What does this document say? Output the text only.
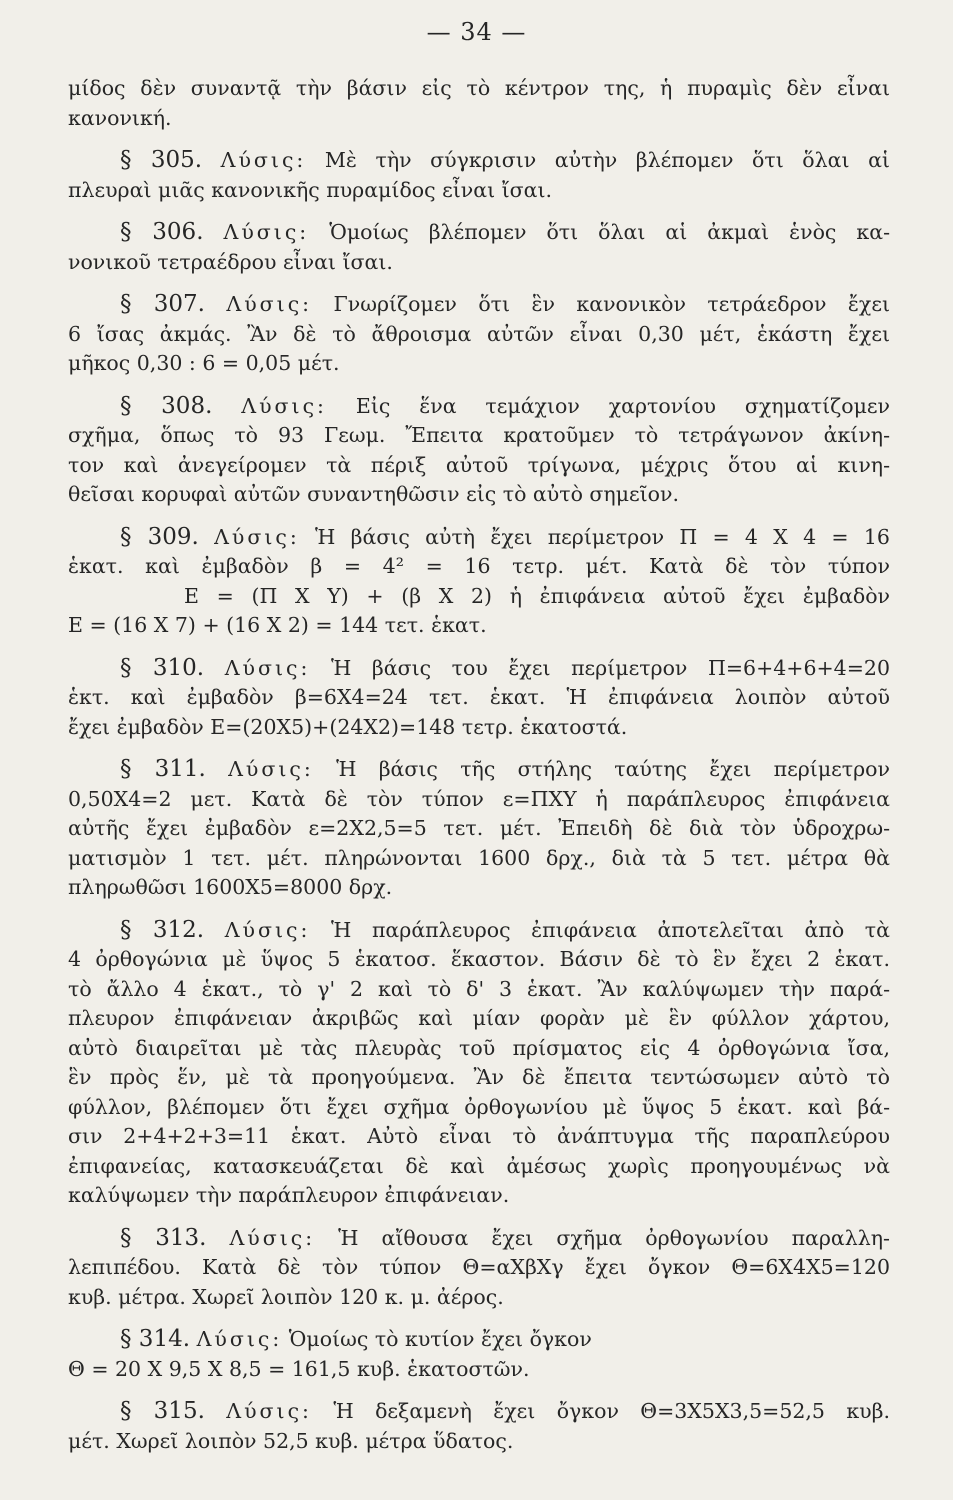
— 34 —
μίδος δὲν συναντᾷ τὴν βάσιν εἰς τὸ κέντρον της, ἡ πυραμὶς δὲν εἶναι
κανονική.
§ 305. Λύσις: Μὲ τὴν σύγκρισιν αὐτὴν βλέπομεν ὅτι ὅλαι αἱ
πλευραὶ μιᾶς κανονικῆς πυραμίδος εἶναι ἴσαι.
§ 306. Λύσις: Ὁμοίως βλέπομεν ὅτι ὅλαι αἱ ἀκμαὶ ἑνὸς κα-
νονικοῦ τετραέδρου εἶναι ἴσαι.
§ 307. Λύσις: Γνωρίζομεν ὅτι ἓν κανονικὸν τετράεδρον ἔχει
6 ἴσας ἀκμάς. Ἂν δὲ τὸ ἄθροισμα αὐτῶν εἶναι 0,30 μέτ, ἑκάστη ἔχει
μῆκος 0,30 : 6 = 0,05 μέτ.
§ 308. Λύσις: Εἰς ἕνα τεμάχιον χαρτονίου σχηματίζομεν
σχῆμα, ὅπως τὸ 93 Γεωμ. Ἔπειτα κρατοῦμεν τὸ τετράγωνον ἀκίνη-
τον καὶ ἀνεγείρομεν τὰ πέριξ αὐτοῦ τρίγωνα, μέχρις ὅτου αἱ κινη-
θεῖσαι κορυφαὶ αὐτῶν συναντηθῶσιν εἰς τὸ αὐτὸ σημεῖον.
§ 309. Λύσις: Ἡ βάσις αὐτὴ ἔχει περίμετρον Π = 4 X 4 = 16
ἑκατ. καὶ ἐμβαδὸν β = 4² = 16 τετρ. μέτ. Κατὰ δὲ τὸν τύπον
Ε = (Π X Υ) + (β X 2) ἡ ἐπιφάνεια αὐτοῦ ἔχει ἐμβαδὸν
Ε = (16 X 7) + (16 X 2) = 144 τετ. ἑκατ.
§ 310. Λύσις: Ἡ βάσις του ἔχει περίμετρον Π=6+4+6+4=20
ἑκτ. καὶ ἐμβαδὸν β=6X4=24 τετ. ἑκατ. Ἡ ἐπιφάνεια λοιπὸν αὐτοῦ
ἔχει ἐμβαδὸν Ε=(20X5)+(24X2)=148 τετρ. ἑκατοστά.
§ 311. Λύσις: Ἡ βάσις τῆς στήλης ταύτης ἔχει περίμετρον
0,50X4=2 μετ. Κατὰ δὲ τὸν τύπον ε=ΠΧΥ ἡ παράπλευρος ἐπιφάνεια
αὐτῆς ἔχει ἐμβαδὸν ε=2X2,5=5 τετ. μέτ. Ἐπειδὴ δὲ διὰ τὸν ὑδροχρω-
ματισμὸν 1 τετ. μέτ. πληρώνονται 1600 δρχ., διὰ τὰ 5 τετ. μέτρα θὰ
πληρωθῶσι 1600X5=8000 δρχ.
§ 312. Λύσις: Ἡ παράπλευρος ἐπιφάνεια ἀποτελεῖται ἀπὸ τὰ
4 ὀρθογώνια μὲ ὕψος 5 ἑκατοσ. ἕκαστον. Βάσιν δὲ τὸ ἓν ἔχει 2 ἑκατ.
τὸ ἄλλο 4 ἑκατ., τὸ γ' 2 καὶ τὸ δ' 3 ἑκατ. Ἂν καλύψωμεν τὴν παρά-
πλευρον ἐπιφάνειαν ἀκριβῶς καὶ μίαν φορὰν μὲ ἓν φύλλον χάρτου,
αὐτὸ διαιρεῖται μὲ τὰς πλευρὰς τοῦ πρίσματος εἰς 4 ὀρθογώνια ἴσα,
ἓν πρὸς ἕν, μὲ τὰ προηγούμενα. Ἂν δὲ ἔπειτα τεντώσωμεν αὐτὸ τὸ
φύλλον, βλέπομεν ὅτι ἔχει σχῆμα ὀρθογωνίου μὲ ὕψος 5 ἑκατ. καὶ βά-
σιν 2+4+2+3=11 ἑκατ. Αὐτὸ εἶναι τὸ ἀνάπτυγμα τῆς παραπλεύρου
ἐπιφανείας, κατασκευάζεται δὲ καὶ ἀμέσως χωρὶς προηγουμένως νὰ
καλύψωμεν τὴν παράπλευρον ἐπιφάνειαν.
§ 313. Λύσις: Ἡ αἴθουσα ἔχει σχῆμα ὀρθογωνίου παραλλη-
λεπιπέδου. Κατὰ δὲ τὸν τύπον Θ=αXβXγ ἔχει ὄγκον Θ=6X4X5=120
κυβ. μέτρα. Χωρεῖ λοιπὸν 120 κ. μ. ἀέρος.
§ 314. Λύσις: Ὁμοίως τὸ κυτίον ἔχει ὄγκον
Θ = 20 X 9,5 X 8,5 = 161,5 κυβ. ἑκατοστῶν.
§ 315. Λύσις: Ἡ δεξαμενὴ ἔχει ὄγκον Θ=3X5X3,5=52,5 κυβ.
μέτ. Χωρεῖ λοιπὸν 52,5 κυβ. μέτρα ὕδατος.
